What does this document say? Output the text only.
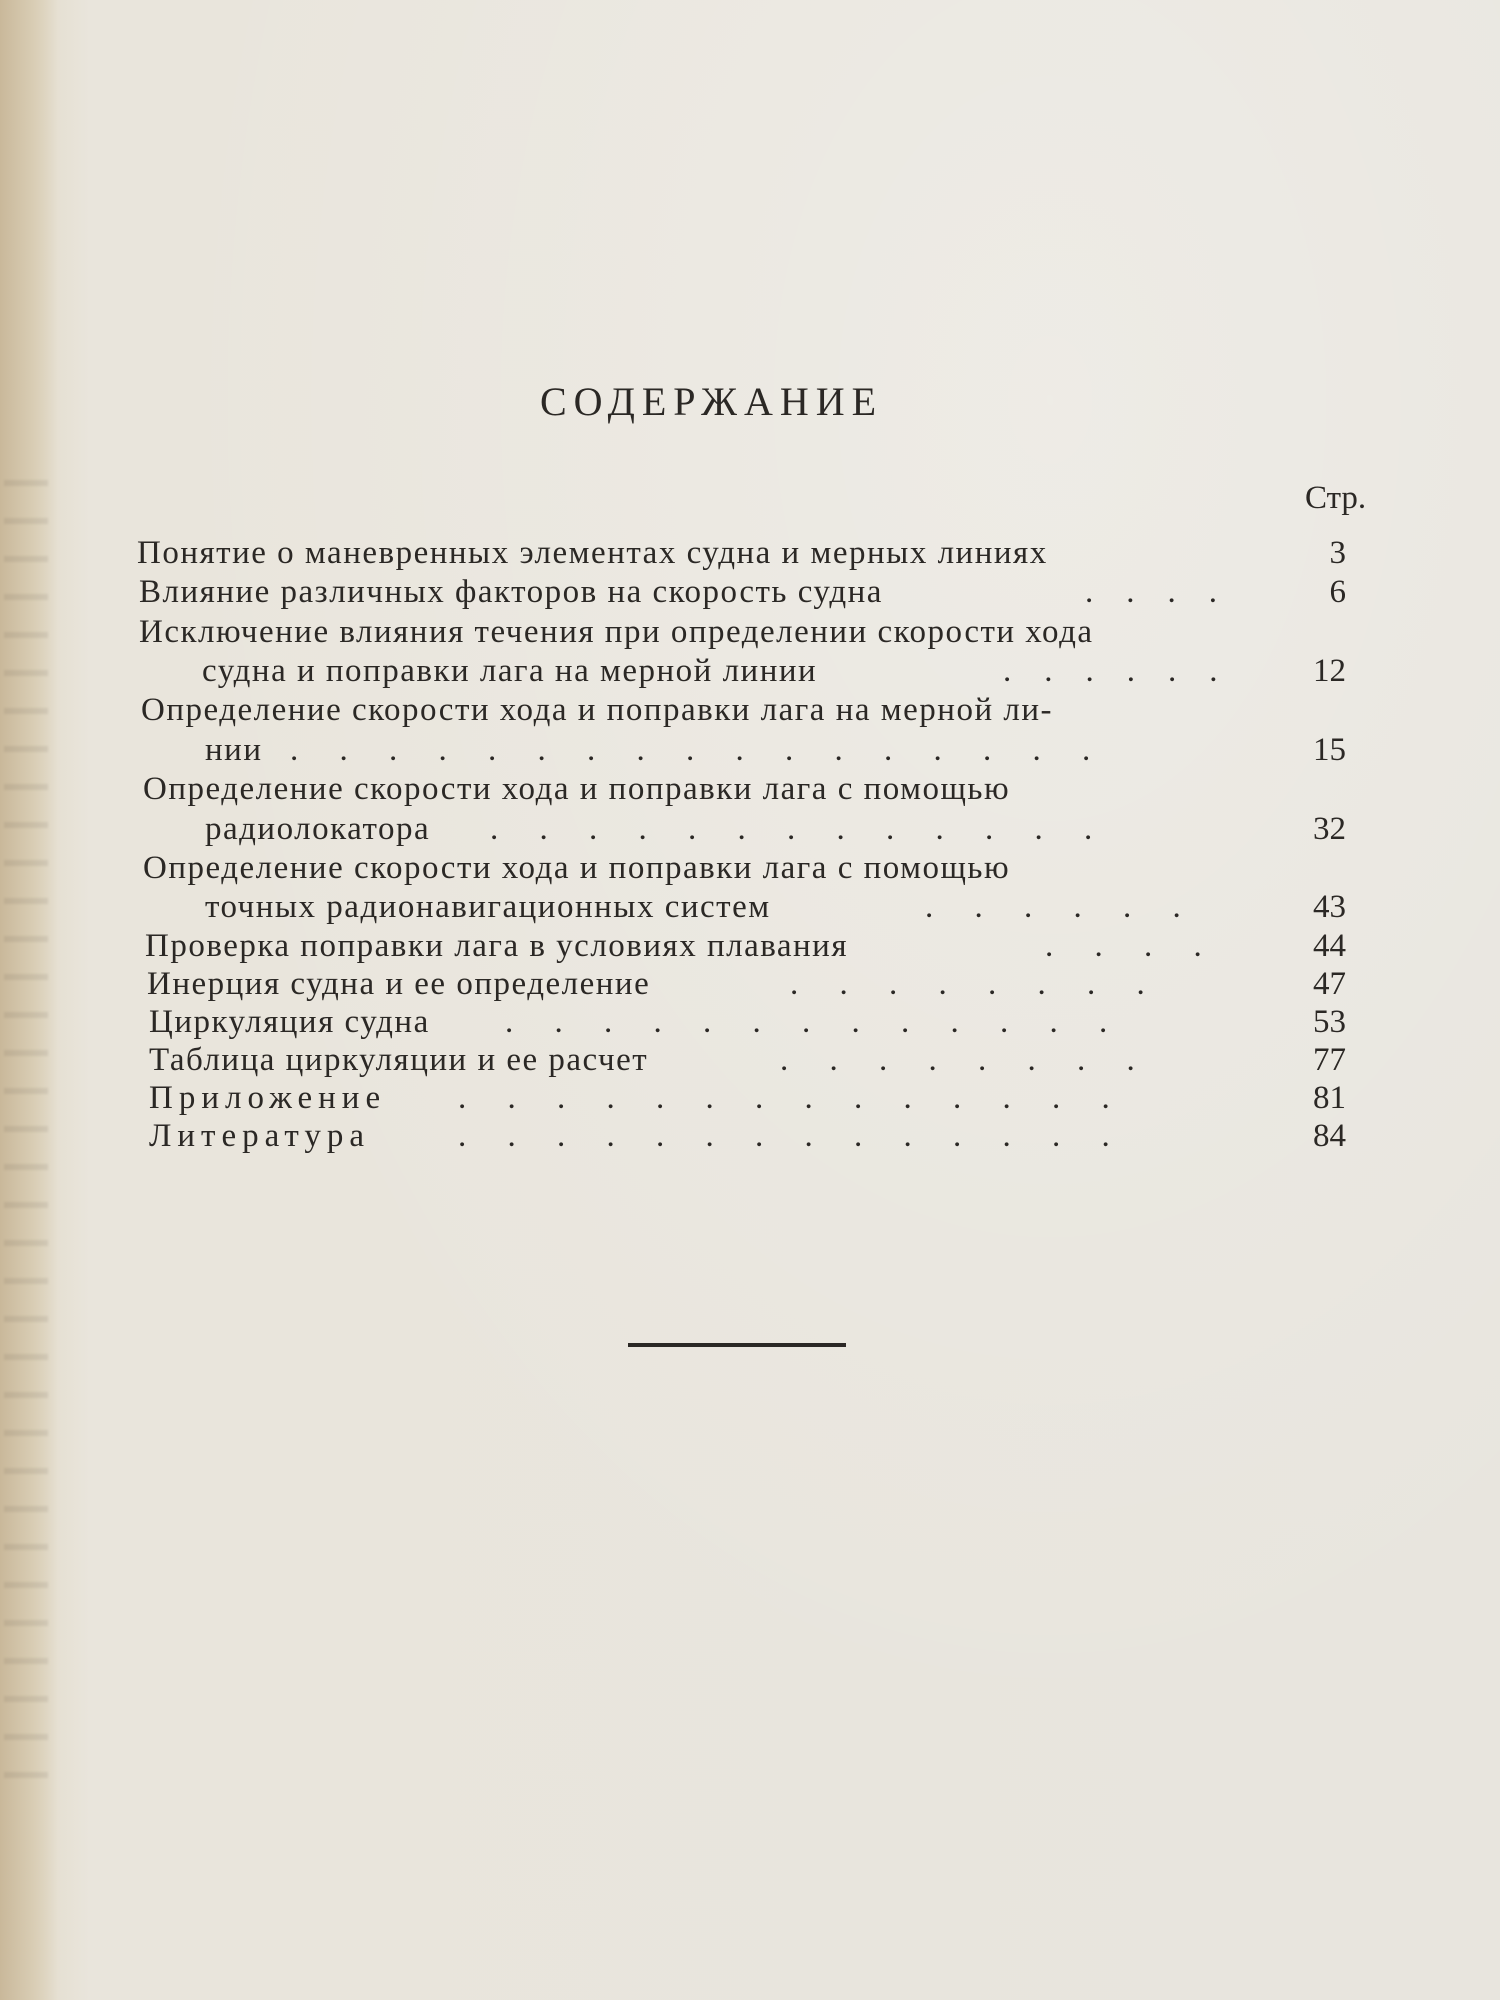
СОДЕРЖАНИЕ
Стр.
Понятие о маневренных элементах судна и мерных линиях	3
Влияние различных факторов на скорость судна	.    .    .    .	6
Исключение влияния течения при определении скорости хода
судна и поправки лага на мерной линии	.    .    .    .    .    .	12
Определение скорости хода и поправки лага на мерной ли-
нии .     .     .     .     .     .     .     .     .     .     .     .     .     .     .     .     .	15
Определение скорости хода и поправки лага с помощью
радиолокатора .     .     .     .     .     .     .     .     .     .     .     .     .	32
Определение скорости хода и поправки лага с помощью
точных радионавигационных систем	.     .     .     .     .     .	43
Проверка поправки лага в условиях плавания	.     .     .     .	44
Инерция судна и ее определение	.     .     .     .     .     .     .     .	47
Циркуляция судна .     .     .     .     .     .     .     .     .     .     .     .     .	53
Таблица циркуляции и ее расчет	.     .     .     .     .     .     .     .	77
Приложение .     .     .     .     .     .     .     .     .     .     .     .     .     .	81
Литература	.     .     .     .     .     .     .     .     .     .     .     .     .     .	84
